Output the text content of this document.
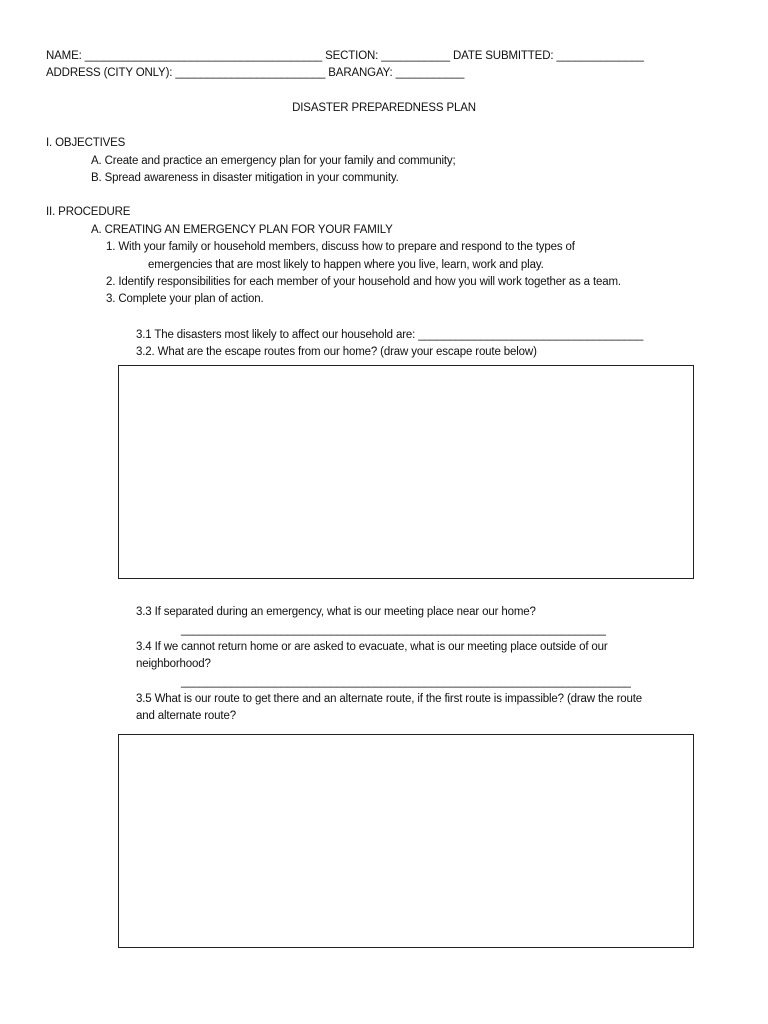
NAME: ______________________________________ SECTION: ___________ DATE SUBMITTED: ______________
ADDRESS (CITY ONLY): ________________________ BARANGAY: ___________
DISASTER PREPAREDNESS PLAN
I. OBJECTIVES
A. Create and practice an emergency plan for your family and community;
B. Spread awareness in disaster mitigation in your community.
II. PROCEDURE
A. CREATING AN EMERGENCY PLAN FOR YOUR FAMILY
1. With your family or household members, discuss how to prepare and respond to the types of
emergencies that are most likely to happen where you live, learn, work and play.
2. Identify responsibilities for each member of your household and how you will work together as a team.
3. Complete your plan of action.
3.1 The disasters most likely to affect our household are: ____________________________________
3.2. What are the escape routes from our home? (draw your escape route below)
3.3 If separated during an emergency, what is our meeting place near our home?
____________________________________________________________________
3.4 If we cannot return home or are asked to evacuate, what is our meeting place outside of our
neighborhood?
________________________________________________________________________
3.5 What is our route to get there and an alternate route, if the first route is impassible? (draw the route
and alternate route?
